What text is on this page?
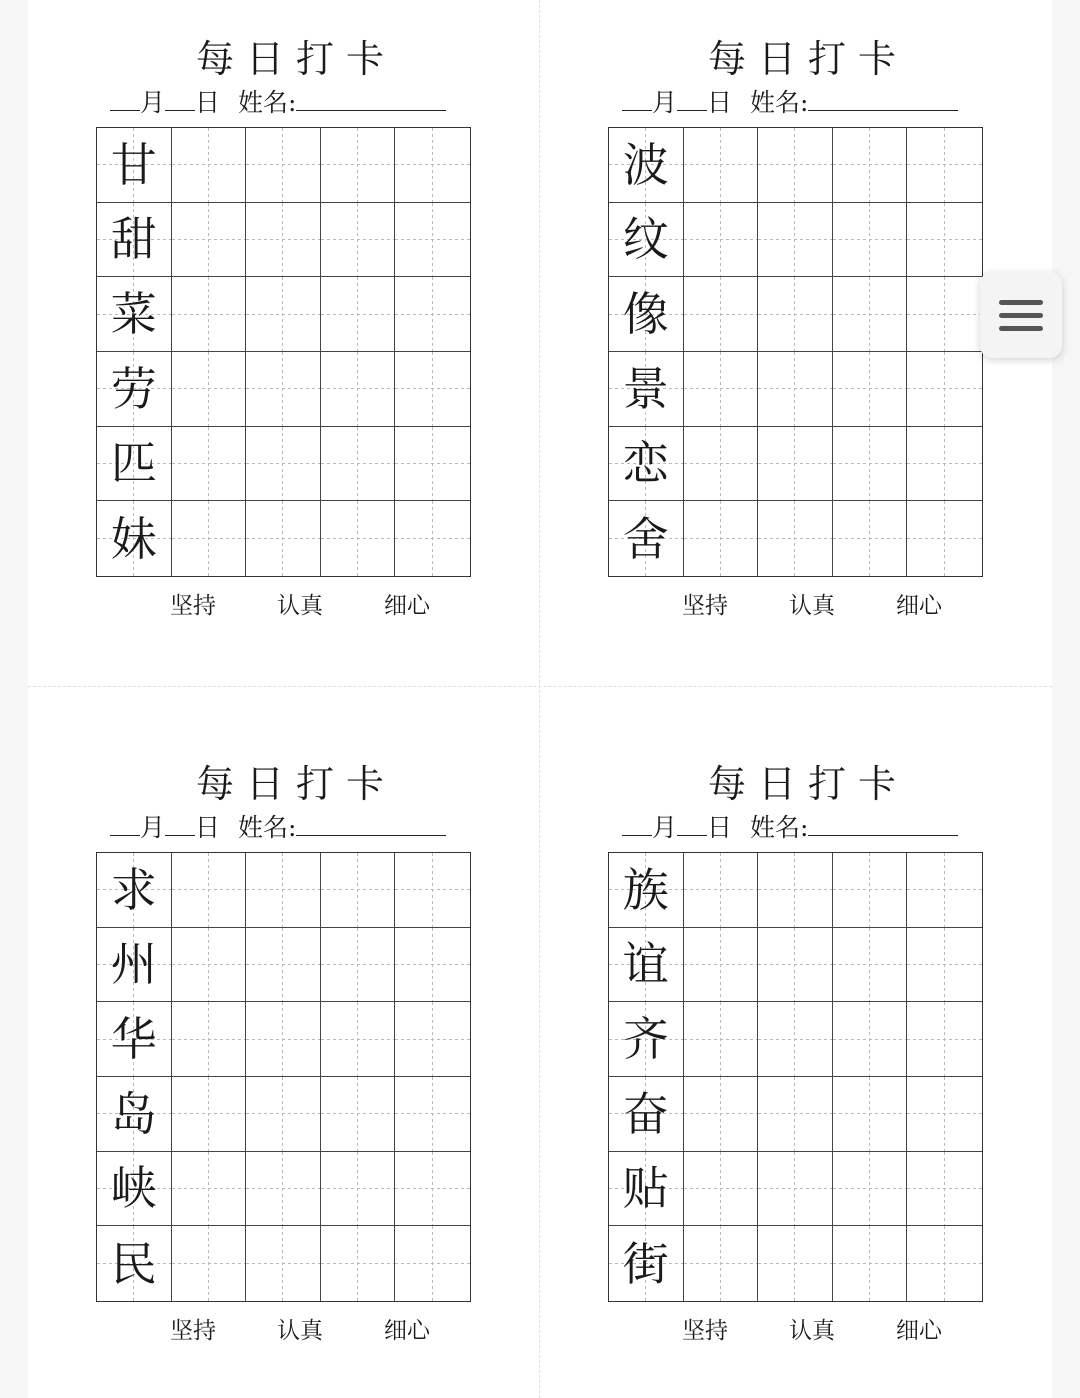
每日打卡
月 日 姓名:
甘
甜
菜
劳
匹
妹
坚持	认真	细心
每日打卡
月 日 姓名:
波
纹
像
景
恋
舍
坚持	认真	细心
每日打卡
月 日 姓名:
求
州
华
岛
峡
民
坚持	认真	细心
每日打卡
月 日 姓名:
族
谊
齐
奋
贴
街
坚持	认真	细心
